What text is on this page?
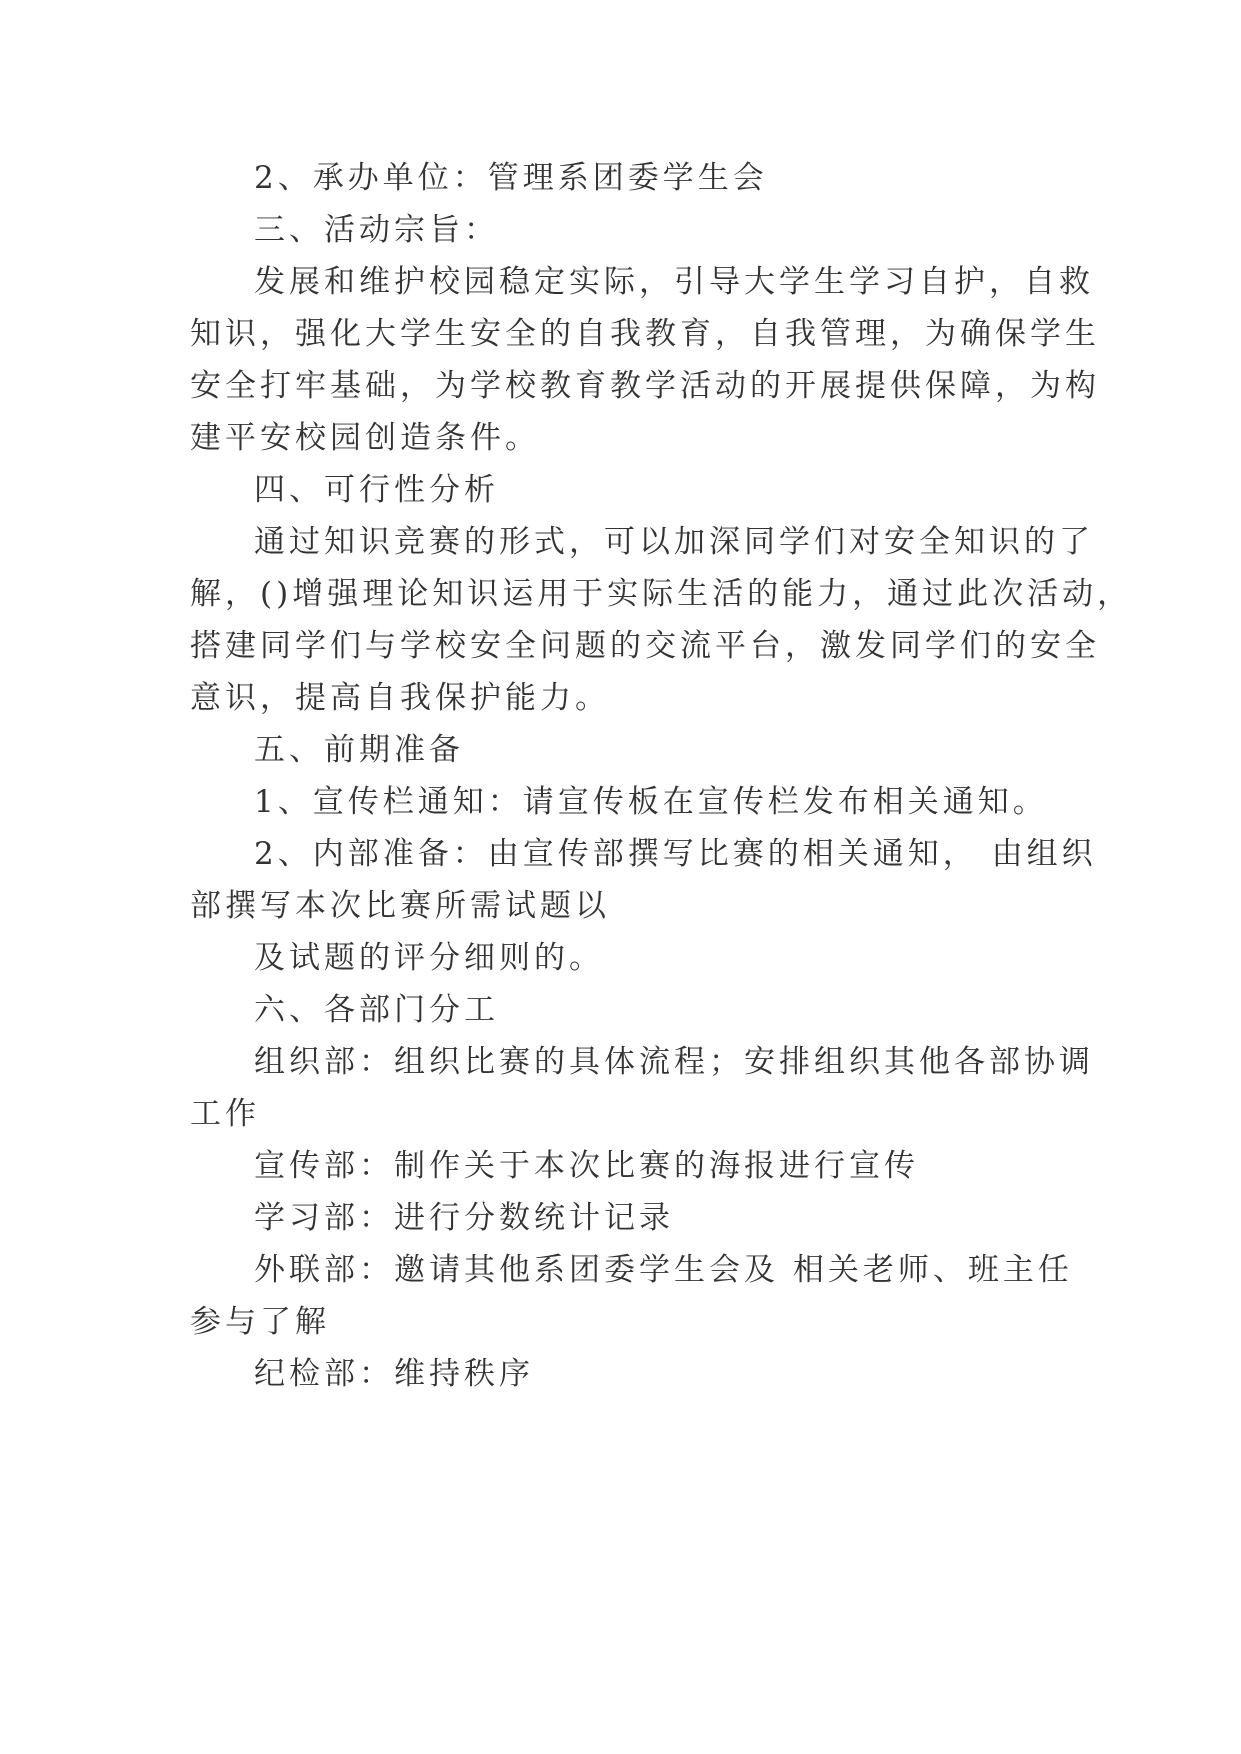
2、承办单位：管理系团委学生会
三、活动宗旨：
发展和维护校园稳定实际，引导大学生学习自护，自救
知识，强化大学生安全的自我教育，自我管理，为确保学生
安全打牢基础，为学校教育教学活动的开展提供保障，为构
建平安校园创造条件。
四、可行性分析
通过知识竞赛的形式，可以加深同学们对安全知识的了
解，()增强理论知识运用于实际生活的能力，通过此次活动，
搭建同学们与学校安全问题的交流平台，激发同学们的安全
意识，提高自我保护能力。
五、前期准备
1、宣传栏通知：请宣传板在宣传栏发布相关通知。
2、内部准备：由宣传部撰写比赛的相关通知， 由组织
部撰写本次比赛所需试题以
及试题的评分细则的。
六、各部门分工
组织部：组织比赛的具体流程；安排组织其他各部协调
工作
宣传部：制作关于本次比赛的海报进行宣传
学习部：进行分数统计记录
外联部：邀请其他系团委学生会及 相关老师、班主任
参与了解
纪检部：维持秩序
